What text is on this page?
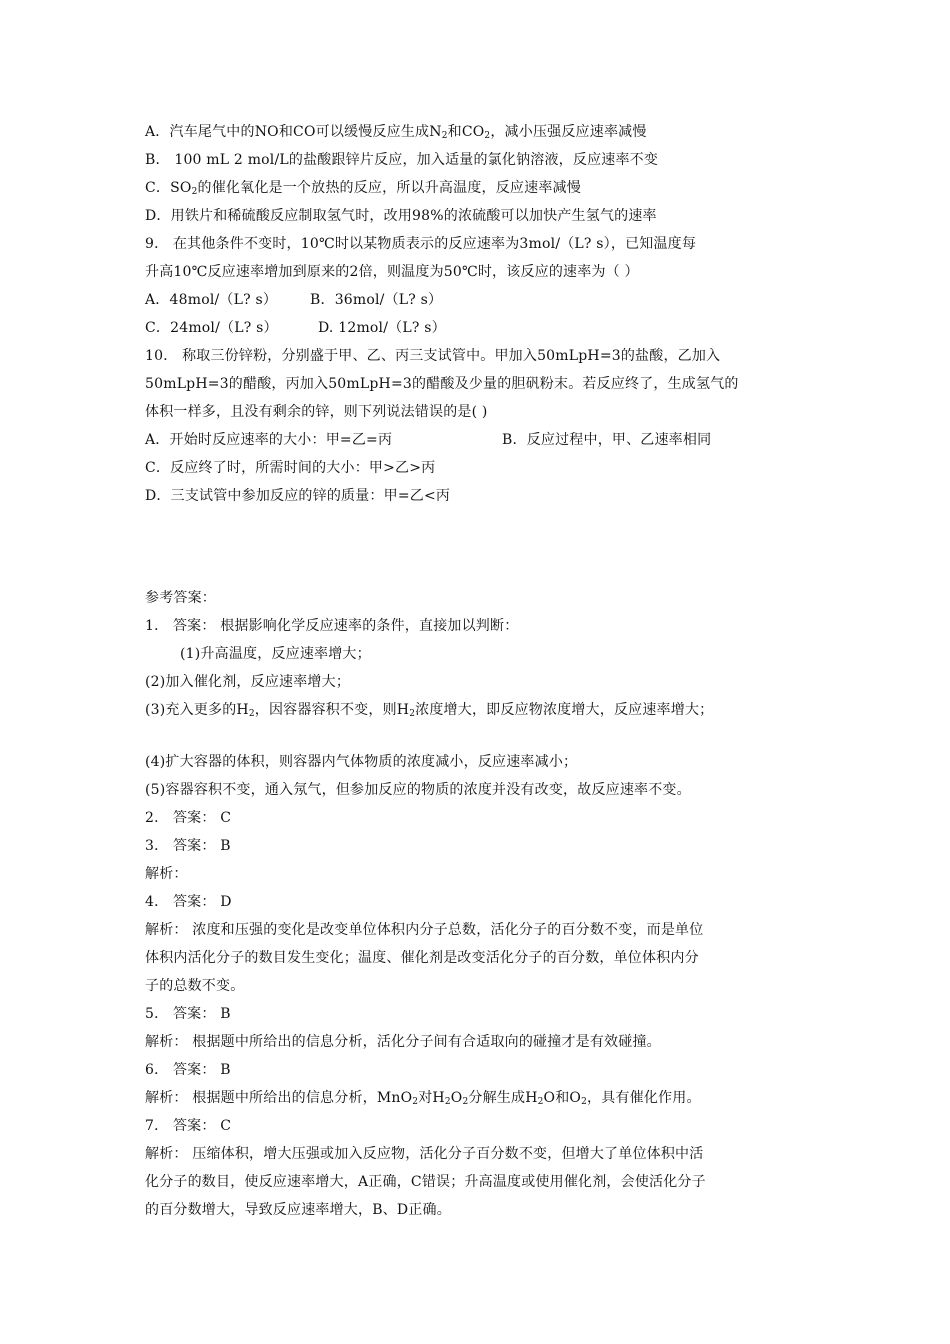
A．汽车尾气中的NO和CO可以缓慢反应生成$N_2$和$CO_2$，减小压强反应速率减慢
B． 100 mL 2 mol/L的盐酸跟锌片反应，加入适量的氯化钠溶液，反应速率不变
C．$SO_2$的催化氧化是一个放热的反应，所以升高温度，反应速率减慢
D．用铁片和稀硫酸反应制取氢气时，改用98%的浓硫酸可以加快产生氢气的速率
9． 在其他条件不变时，10℃时以某物质表示的反应速率为3mol/（L? s），已知温度每
升高10℃反应速率增加到原来的2倍，则温度为50℃时，该反应的速率为（ ）
A．48mol/（L? s） B．36mol/（L? s）
C．24mol/（L? s）	D. 12mol/（L? s）
10． 称取三份锌粉，分别盛于甲、乙、丙三支试管中。甲加入50mLpH=3的盐酸，乙加入
50mLpH=3的醋酸，丙加入50mLpH=3的醋酸及少量的胆矾粉末。若反应终了，生成氢气的
体积一样多，且没有剩余的锌，则下列说法错误的是( )
A．开始时反应速率的大小：甲=乙=丙	B．反应过程中，甲、乙速率相同
C．反应终了时，所需时间的大小：甲>乙>丙
D．三支试管中参加反应的锌的质量：甲=乙<丙
参考答案：
1． 答案： 根据影响化学反应速率的条件，直接加以判断：
(1)升高温度，反应速率增大；
(2)加入催化剂，反应速率增大；
(3)充入更多的$H_2$，因容器容积不变，则$H_2$浓度增大，即反应物浓度增大，反应速率增大；
(4)扩大容器的体积，则容器内气体物质的浓度减小，反应速率减小；
(5)容器容积不变，通入氖气，但参加反应的物质的浓度并没有改变，故反应速率不变。
2． 答案： C
3． 答案： B
解析：
4． 答案： D
解析： 浓度和压强的变化是改变单位体积内分子总数，活化分子的百分数不变，而是单位
体积内活化分子的数目发生变化；温度、催化剂是改变活化分子的百分数，单位体积内分
子的总数不变。
5． 答案： B
解析： 根据题中所给出的信息分析，活化分子间有合适取向的碰撞才是有效碰撞。
6． 答案： B
解析： 根据题中所给出的信息分析，MnO$_2$对$H_2O_2$分解生成$H_2O$和$O_2$，具有催化作用。
7． 答案： C
解析： 压缩体积，增大压强或加入反应物，活化分子百分数不变，但增大了单位体积中活
化分子的数目，使反应速率增大，A正确，C错误；升高温度或使用催化剂，会使活化分子
的百分数增大，导致反应速率增大，B、D正确。
